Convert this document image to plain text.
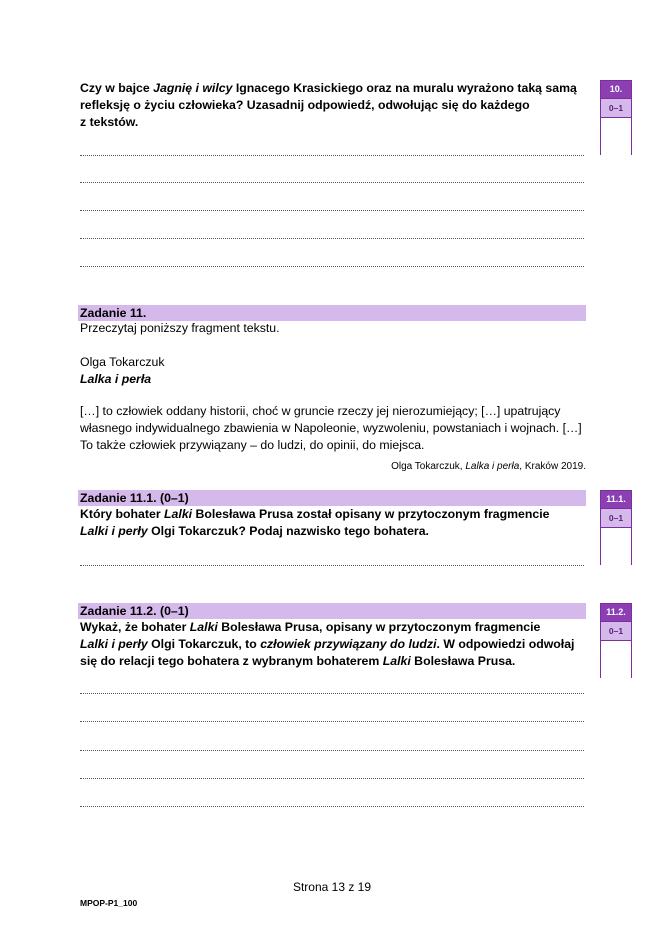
Czy w bajce Jagnię i wilcy Ignacego Krasickiego oraz na muralu wyrażono taką samą
refleksję o życiu człowieka? Uzasadnij odpowiedź, odwołując się do każdego
z tekstów.
10.
0–1
Zadanie 11.
Przeczytaj poniższy fragment tekstu.
Olga Tokarczuk
Lalka i perła
[…] to człowiek oddany historii, choć w gruncie rzeczy jej nierozumiejący; […] upatrujący
własnego indywidualnego zbawienia w Napoleonie, wyzwoleniu, powstaniach i wojnach. […]
To także człowiek przywiązany – do ludzi, do opinii, do miejsca.
Olga Tokarczuk, Lalka i perła, Kraków 2019.
Zadanie 11.1. (0–1)
Który bohater Lalki Bolesława Prusa został opisany w przytoczonym fragmencie
Lalki i perły Olgi Tokarczuk? Podaj nazwisko tego bohatera.
11.1.
0–1
Zadanie 11.2. (0–1)
Wykaż, że bohater Lalki Bolesława Prusa, opisany w przytoczonym fragmencie
Lalki i perły Olgi Tokarczuk, to człowiek przywiązany do ludzi. W odpowiedzi odwołaj
się do relacji tego bohatera z wybranym bohaterem Lalki Bolesława Prusa.
11.2.
0–1
Strona 13 z 19
MPOP-P1_100
